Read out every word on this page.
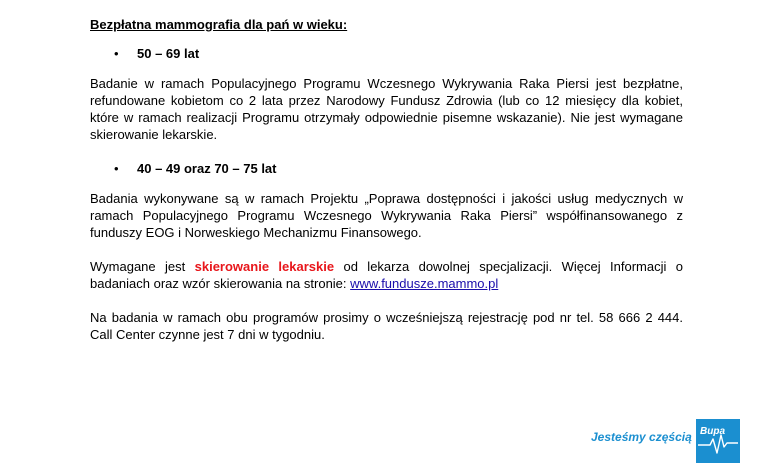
Bezpłatna mammografia dla pań w wieku:
• 50 – 69 lat
Badanie w ramach Populacyjnego Programu Wczesnego Wykrywania Raka Piersi jest bezpłatne, refundowane kobietom co 2 lata przez Narodowy Fundusz Zdrowia (lub co 12 miesięcy dla kobiet, które w ramach realizacji Programu otrzymały odpowiednie pisemne wskazanie). Nie jest wymagane skierowanie lekarskie.
• 40 – 49 oraz 70 – 75 lat
Badania wykonywane są w ramach Projektu „Poprawa dostępności i jakości usług medycznych w ramach Populacyjnego Programu Wczesnego Wykrywania Raka Piersi” współfinansowanego z funduszy EOG i Norweskiego Mechanizmu Finansowego.
Wymagane jest skierowanie lekarskie od lekarza dowolnej specjalizacji. Więcej Informacji o badaniach oraz wzór skierowania na stronie: www.fundusze.mammo.pl
Na badania w ramach obu programów prosimy o wcześniejszą rejestrację pod nr tel. 58 666 2 444. Call Center czynne jest 7 dni w tygodniu.
Jesteśmy częścią Bupa
